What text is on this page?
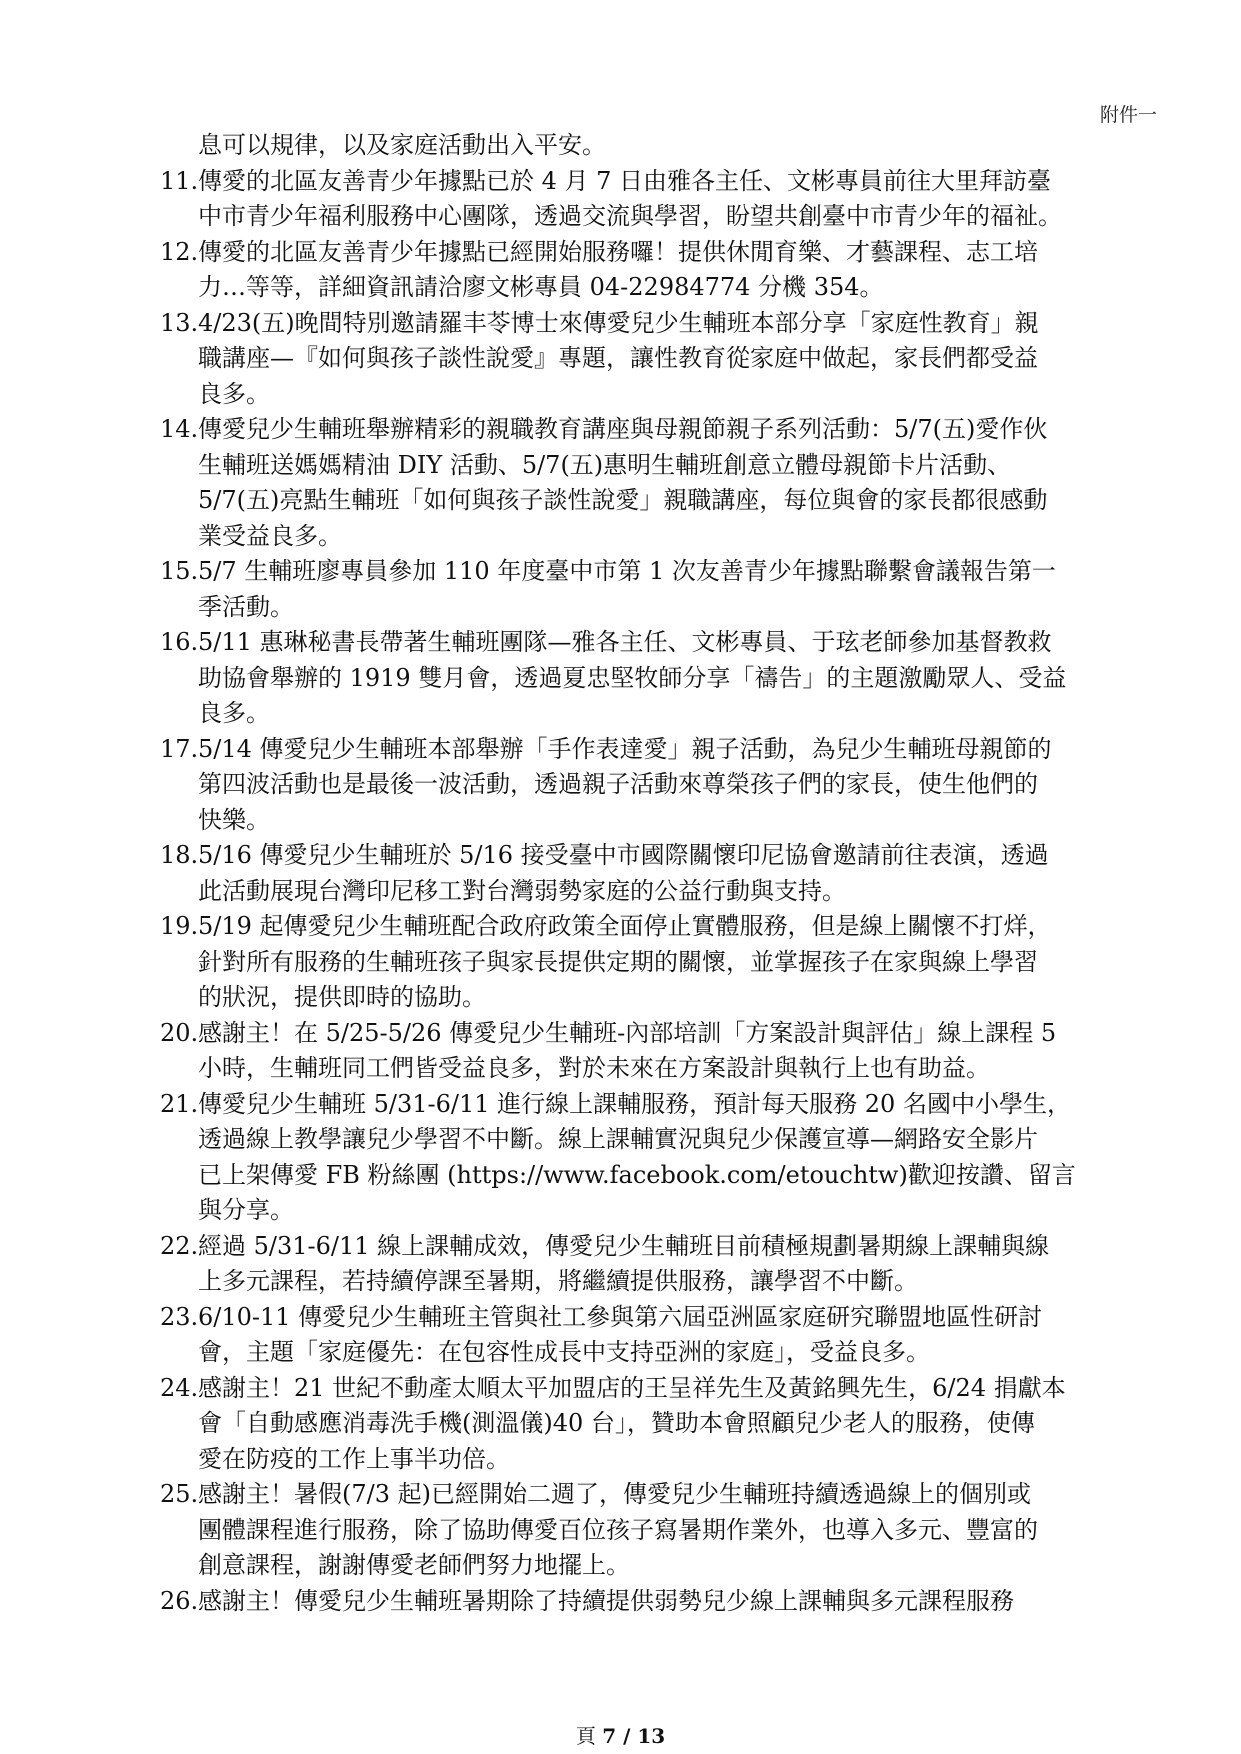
附件一
息可以規律，以及家庭活動出入平安。
11. 傳愛的北區友善青少年據點已於 4 月 7 日由雅各主任、文彬專員前往大里拜訪臺
中市青少年福利服務中心團隊，透過交流與學習，盼望共創臺中市青少年的福祉。
12. 傳愛的北區友善青少年據點已經開始服務囉！提供休閒育樂、才藝課程、志工培
力…等等，詳細資訊請洽廖文彬專員 04-22984774 分機 354。
13. 4/23(五)晚間特別邀請羅丰苓博士來傳愛兒少生輔班本部分享「家庭性教育」親
職講座—『如何與孩子談性說愛』專題，讓性教育從家庭中做起，家長們都受益
良多。
14. 傳愛兒少生輔班舉辦精彩的親職教育講座與母親節親子系列活動：5/7(五)愛作伙
生輔班送媽媽精油 DIY 活動、5/7(五)惠明生輔班創意立體母親節卡片活動、
5/7(五)亮點生輔班「如何與孩子談性說愛」親職講座，每位與會的家長都很感動
業受益良多。
15. 5/7 生輔班廖專員參加 110 年度臺中市第 1 次友善青少年據點聯繫會議報告第一
季活動。
16. 5/11 惠琳秘書長帶著生輔班團隊—雅各主任、文彬專員、于玹老師參加基督教救
助協會舉辦的 1919 雙月會，透過夏忠堅牧師分享「禱告」的主題激勵眾人、受益
良多。
17. 5/14 傳愛兒少生輔班本部舉辦「手作表達愛」親子活動，為兒少生輔班母親節的
第四波活動也是最後一波活動，透過親子活動來尊榮孩子們的家長，使生他們的
快樂。
18. 5/16 傳愛兒少生輔班於 5/16 接受臺中市國際關懷印尼協會邀請前往表演，透過
此活動展現台灣印尼移工對台灣弱勢家庭的公益行動與支持。
19. 5/19 起傳愛兒少生輔班配合政府政策全面停止實體服務，但是線上關懷不打烊，
針對所有服務的生輔班孩子與家長提供定期的關懷，並掌握孩子在家與線上學習
的狀況，提供即時的協助。
20. 感謝主！在 5/25-5/26 傳愛兒少生輔班-內部培訓「方案設計與評估」線上課程 5
小時，生輔班同工們皆受益良多，對於未來在方案設計與執行上也有助益。
21. 傳愛兒少生輔班 5/31-6/11 進行線上課輔服務，預計每天服務 20 名國中小學生，
透過線上教學讓兒少學習不中斷。線上課輔實況與兒少保護宣導—網路安全影片
已上架傳愛 FB 粉絲團 (https://www.facebook.com/etouchtw)歡迎按讚、留言
與分享。
22. 經過 5/31-6/11 線上課輔成效，傳愛兒少生輔班目前積極規劃暑期線上課輔與線
上多元課程，若持續停課至暑期，將繼續提供服務，讓學習不中斷。
23. 6/10-11 傳愛兒少生輔班主管與社工參與第六屆亞洲區家庭研究聯盟地區性研討
會，主題「家庭優先：在包容性成長中支持亞洲的家庭」，受益良多。
24. 感謝主！21 世紀不動產太順太平加盟店的王呈祥先生及黃銘興先生，6/24 捐獻本
會「自動感應消毒洗手機(測溫儀)40 台」，贊助本會照顧兒少老人的服務，使傳
愛在防疫的工作上事半功倍。
25. 感謝主！暑假(7/3 起)已經開始二週了，傳愛兒少生輔班持續透過線上的個別或
團體課程進行服務，除了協助傳愛百位孩子寫暑期作業外，也導入多元、豐富的
創意課程，謝謝傳愛老師們努力地擺上。
26. 感謝主！傳愛兒少生輔班暑期除了持續提供弱勢兒少線上課輔與多元課程服務
頁 7 / 13
